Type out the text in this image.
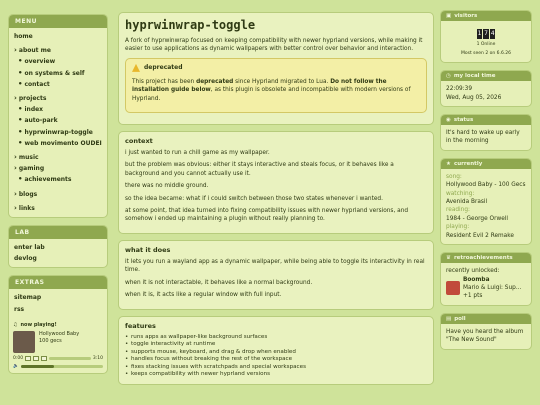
MENU
home
› about me
• overview
• on systems & self
• contact
› projects
• index
• auto-park
• hyprwinwrap-toggle
• web movimento OUDEI
› music
› gaming
• achievements
› blogs
› links
LAB
enter lab
devlog
EXTRAS
sitemap
rss
♫ now playing!
Hollywood Baby
100 gecs
0:00	3:10
🔈
hyprwinwrap-toggle

A fork of hyprwinwrap focused on keeping compatibility with newer hyprland versions, while making it easier to use applications as dynamic wallpapers with better control over behavior and interaction.

deprecated

This project has been deprecated since Hyprland migrated to Lua. Do not follow the installation guide below, as this plugin is obsolete and incompatible with modern versions of Hyprland.

context

i just wanted to run a chill game as my wallpaper.

but the problem was obvious: either it stays interactive and steals focus, or it behaves like a background and you cannot actually use it.

there was no middle ground.

so the idea became: what if i could switch between those two states whenever i wanted.

at some point, that idea turned into fixing compatibility issues with newer hyprland versions, and somehow i ended up maintaining a plugin without really planning to.

what it does

it lets you run a wayland app as a dynamic wallpaper, while being able to toggle its interactivity in real time.

when it is not interactable, it behaves like a normal background.

when it is, it acts like a regular window with full input.

features
• runs apps as wallpaper-like background surfaces
• toggle interactivity at runtime
• supports mouse, keyboard, and drag & drop when enabled
• handles focus without breaking the rest of the workspace
• fixes stacking issues with scratchpads and special workspaces
• keeps compatibility with newer hyprland versions
▣ visitors
1 7 4
1 Online
Most seen 2 on 6.6.26
◷ my local time
22:09:39
Wed, Aug 05, 2026
◉ status
It's hard to wake up early in the morning
★ currently
song:
Hollywood Baby - 100 Gecs
watching:
Avenida Brasil
reading:
1984 - George Orwell
playing:
Resident Evil 2 Remake
♛ retroachievements
recently unlocked:
Boomba
Mario & Luigi: Sup...
+1 pts
▤ poll
Have you heard the album "The New Sound"
